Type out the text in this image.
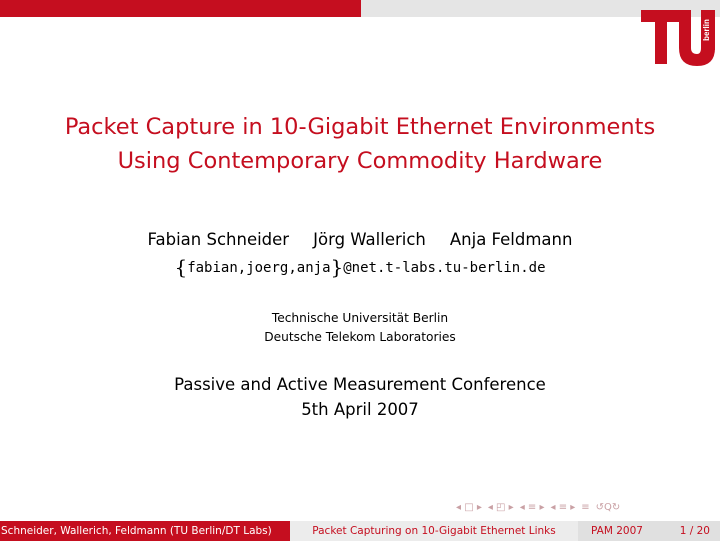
berlin
Packet Capture in 10-Gigabit Ethernet Environments
Using Contemporary Commodity Hardware
Fabian Schneider Jörg Wallerich Anja Feldmann
{fabian,joerg,anja}@net.t-labs.tu-berlin.de
Technische Universität Berlin
Deutsche Telekom Laboratories
Passive and Active Measurement Conference
5th April 2007
◂ □ ▸ ◂ ◰ ▸ ◂ ≡ ▸ ◂ ≡ ▸ ≡ ↺Q↻
Schneider, Wallerich, Feldmann (TU Berlin/DT Labs)	Packet Capturing on 10-Gigabit Ethernet Links	PAM 2007	1 / 20
